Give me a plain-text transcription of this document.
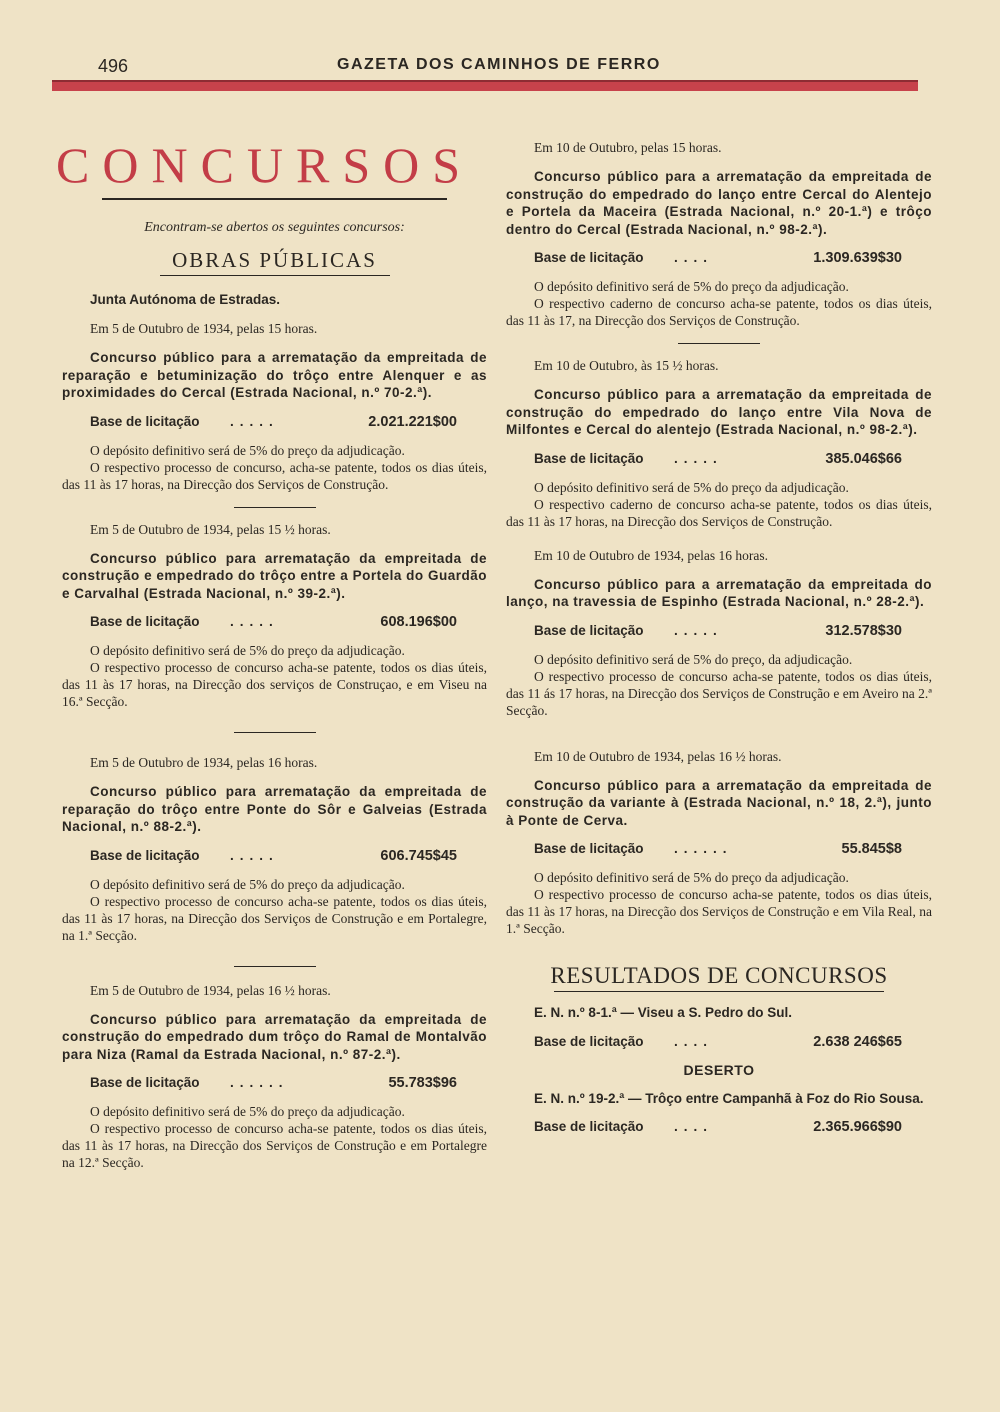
496	GAZETA DOS CAMINHOS DE FERRO
CONCURSOS
Encontram-se abertos os seguintes concursos:
OBRAS PÚBLICAS
Junta Autónoma de Estradas.
Em 5 de Outubro de 1934, pelas 15 horas.
Concurso público para a arrematação da empreitada de reparação e betuminização do trôço entre Alenquer e as proximidades do Cercal (Estrada Nacional, n.º 70-2.ª).
Base de licitação .....	2.021.221$00
O depósito definitivo será de 5% do preço da adjudicação.
O respectivo processo de concurso, acha-se patente, todos os dias úteis, das 11 às 17 horas, na Direcção dos Serviços de Construção.
Em 5 de Outubro de 1934, pelas 15 ½ horas.
Concurso público para arrematação da empreitada de construção e empedrado do trôço entre a Portela do Guardão e Carvalhal (Estrada Nacional, n.º 39-2.ª).
Base de licitação .....	608.196$00
O depósito definitivo será de 5% do preço da adjudicação.
O respectivo processo de concurso acha-se patente, todos os dias úteis, das 11 às 17 horas, na Direcção dos serviços de Construçao, e em Viseu na 16.ª Secção.
Em 5 de Outubro de 1934, pelas 16 horas.
Concurso público para arrematação da empreitada de reparação do trôço entre Ponte do Sôr e Galveias (Estrada Nacional, n.º 88-2.ª).
Base de licitação .....	606.745$45
O depósito definitivo será de 5% do preço da adjudicação.
O respectivo processo de concurso acha-se patente, todos os dias úteis, das 11 às 17 horas, na Direcção dos Serviços de Construção e em Portalegre, na 1.ª Secção.
Em 5 de Outubro de 1934, pelas 16 ½ horas.
Concurso público para arrematação da empreitada de construção do empedrado dum trôço do Ramal de Montalvão para Niza (Ramal da Estrada Nacional, n.º 87-2.ª).
Base de licitação ......	55.783$96
O depósito definitivo será de 5% do preço da adjudicação.
O respectivo processo de concurso acha-se patente, todos os dias úteis, das 11 às 17 horas, na Direcção dos Serviços de Construção e em Portalegre na 12.ª Secção.
Em 10 de Outubro, pelas 15 horas.
Concurso público para a arrematação da empreitada de construção do empedrado do lanço entre Cercal do Alentejo e Portela da Maceira (Estrada Nacional, n.º 20-1.ª) e trôço dentro do Cercal (Estrada Nacional, n.º 98-2.ª).
Base de licitação ....	1.309.639$30
O depósito definitivo será de 5% do preço da adjudicação.
O respectivo caderno de concurso acha-se patente, todos os dias úteis, das 11 às 17, na Direcção dos Serviços de Construção.
Em 10 de Outubro, às 15 ½ horas.
Concurso público para a arrematação da empreitada de construção do empedrado do lanço entre Vila Nova de Milfontes e Cercal do alentejo (Estrada Nacional, n.º 98-2.ª).
Base de licitação .....	385.046$66
O depósito definitivo será de 5% do preço da adjudicação.
O respectivo caderno de concurso acha-se patente, todos os dias úteis, das 11 às 17 horas, na Direcção dos Serviços de Construção.
Em 10 de Outubro de 1934, pelas 16 horas.
Concurso público para a arrematação da empreitada do lanço, na travessia de Espinho (Estrada Nacional, n.º 28-2.ª).
Base de licitação .....	312.578$30
O depósito definitivo será de 5% do preço, da adjudicação.
O respectivo processo de concurso acha-se patente, todos os dias úteis, das 11 ás 17 horas, na Direcção dos Serviços de Construção e em Aveiro na 2.ª Secção.
Em 10 de Outubro de 1934, pelas 16 ½ horas.
Concurso público para a arrematação da empreitada de construção da variante à (Estrada Nacional, n.º 18, 2.ª), junto à Ponte de Cerva.
Base de licitação ......	55.845$8
O depósito definitivo será de 5% do preço da adjudicação.
O respectivo processo de concurso acha-se patente, todos os dias úteis, das 11 às 17 horas, na Direcção dos Serviços de Construção e em Vila Real, na 1.ª Secção.
RESULTADOS DE CONCURSOS
E. N. n.º 8-1.ª — Viseu a S. Pedro do Sul.
Base de licitação ....	2.638 246$65
DESERTO
E. N. n.º 19-2.ª — Trôço entre Campanhã à Foz do Rio Sousa.
Base de licitação ....	2.365.966$90
